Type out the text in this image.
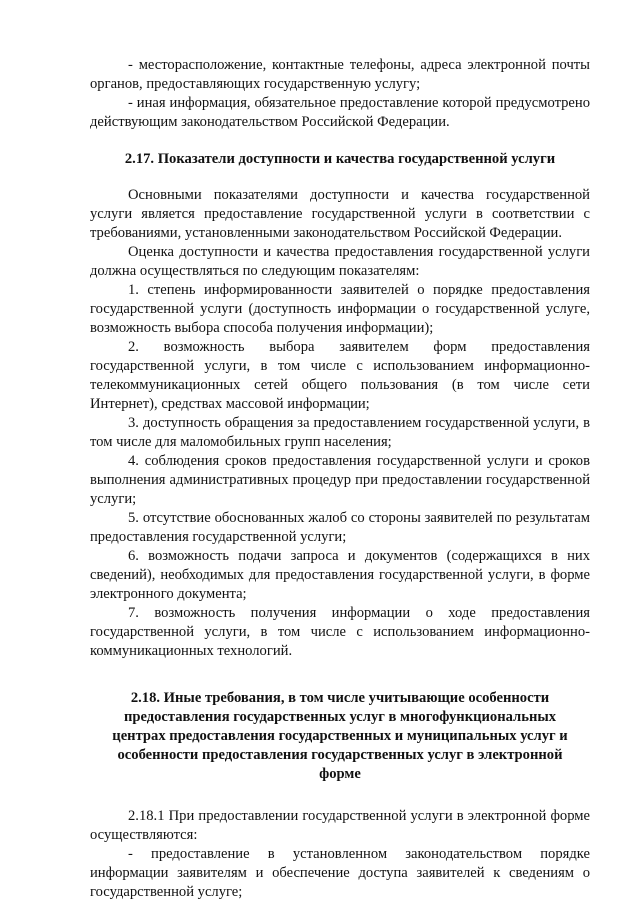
- месторасположение, контактные телефоны, адреса электронной почты органов, предоставляющих государственную услугу;

- иная информация, обязательное предоставление которой предусмотрено действующим законодательством Российской Федерации.

2.17. Показатели доступности и качества государственной услуги

Основными показателями доступности и качества государственной услуги является предоставление государственной услуги в соответствии с требованиями, установленными законодательством Российской Федерации.

Оценка доступности и качества предоставления государственной услуги должна осуществляться по следующим показателям:

1. степень информированности заявителей о порядке предоставления государственной услуги (доступность информации о государственной услуге, возможность выбора способа получения информации);

2. возможность выбора заявителем форм предоставления государственной услуги, в том числе с использованием информационно-телекоммуникационных сетей общего пользования (в том числе сети Интернет), средствах массовой информации;

3. доступность обращения за предоставлением государственной услуги, в том числе для маломобильных групп населения;

4. соблюдения сроков предоставления государственной услуги и сроков выполнения административных процедур при предоставлении государственной услуги;

5. отсутствие обоснованных жалоб со стороны заявителей по результатам предоставления государственной услуги;

6. возможность подачи запроса и документов (содержащихся в них сведений), необходимых для предоставления государственной услуги, в форме электронного документа;

7. возможность получения информации о ходе предоставления государственной услуги, в том числе с использованием информационно-коммуникационных технологий.

2.18. Иные требования, в том числе учитывающие особенности предоставления государственных услуг в многофункциональных центрах предоставления государственных и муниципальных услуг и особенности предоставления государственных услуг в электронной форме

2.18.1 При предоставлении государственной услуги в электронной форме осуществляются:

- предоставление в установленном законодательством порядке информации заявителям и обеспечение доступа заявителей к сведениям о государственной услуге;
